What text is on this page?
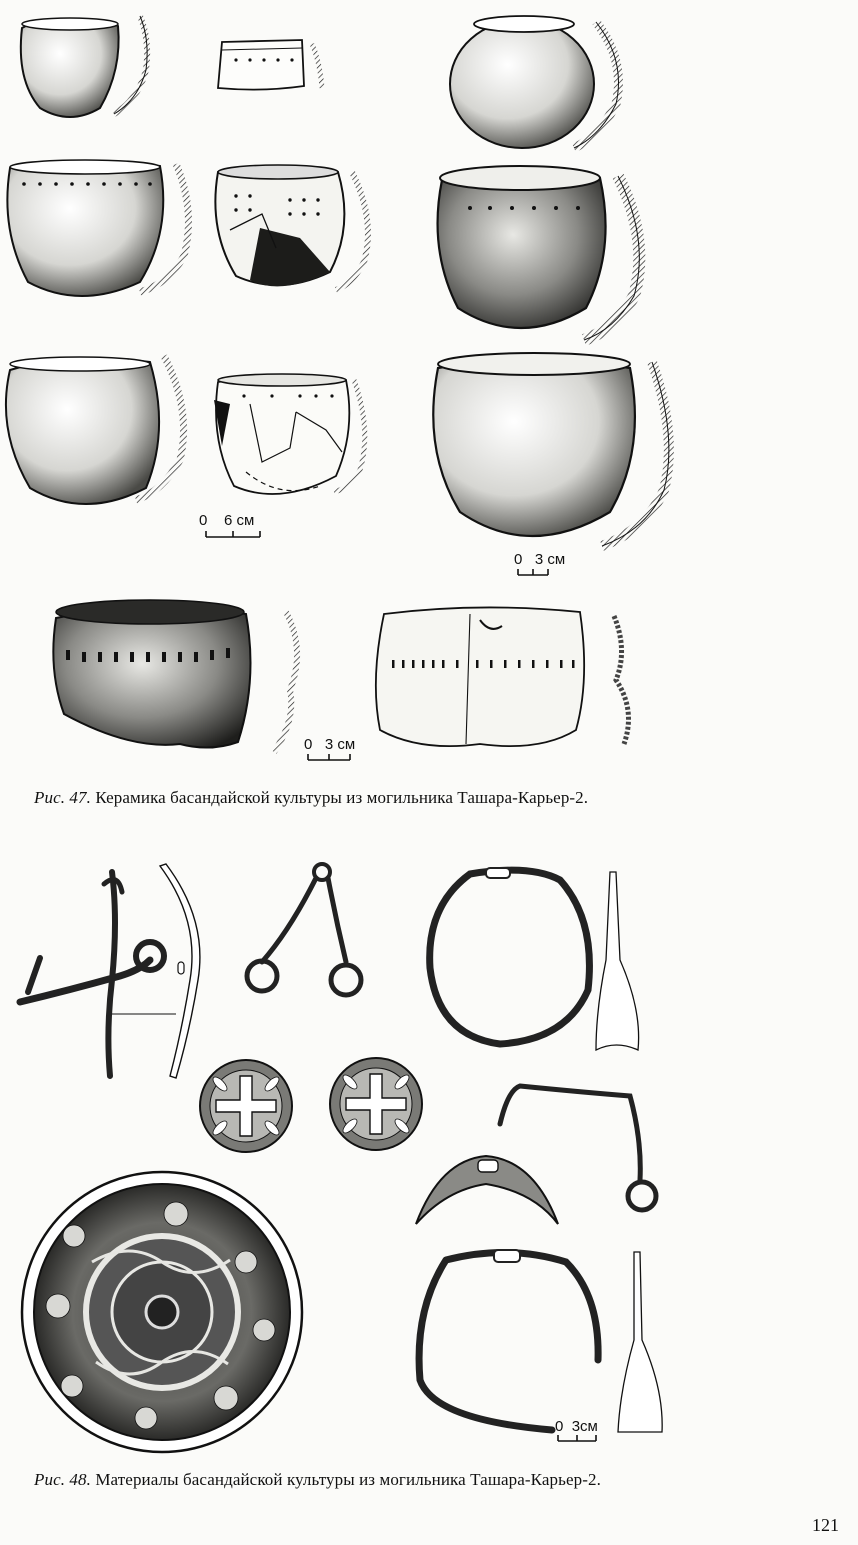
0 6 см
0 3 см
0 3 см
0 3см
Рис. 47. Керамика басандайской культуры из могильника Ташара-Карьер-2.
Рис. 48. Материалы басандайской культуры из могильника Ташара-Карьер-2.
121
